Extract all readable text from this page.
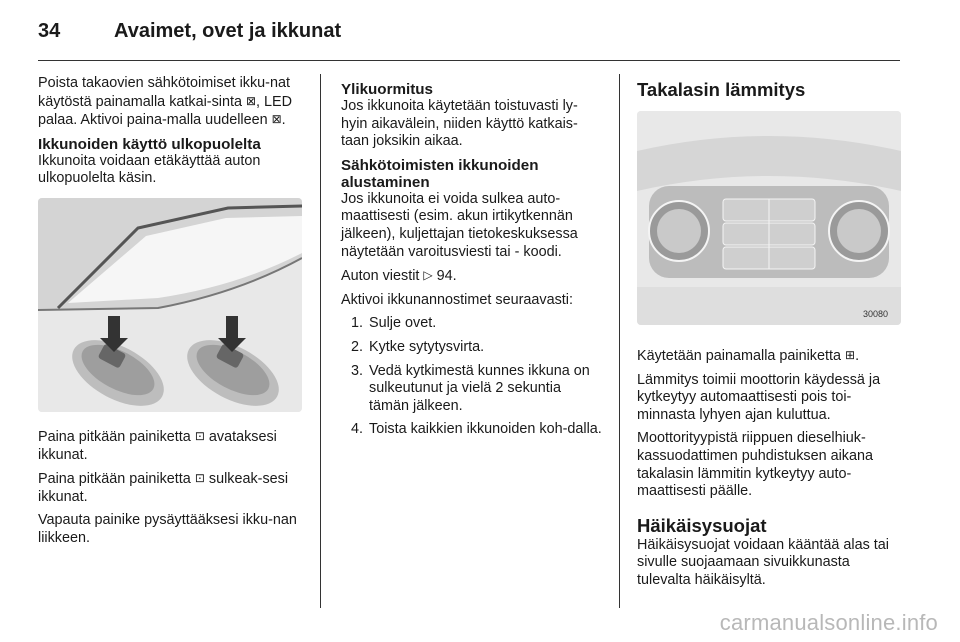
34	Avaimet, ovet ja ikkunat

Poista takaovien sähkötoimiset ikku-nat käytöstä painamalla katkai-sinta ⊠, LED palaa. Aktivoi paina-malla uudelleen ⊠.

Ikkunoiden käyttö ulkopuolelta

Ikkunoita voidaan etäkäyttää auton ulkopuolelta käsin.

Paina pitkään painiketta ⊡ avataksesi ikkunat.

Paina pitkään painiketta ⊡ sulkeak-sesi ikkunat.

Vapauta painike pysäyttääksesi ikku-nan liikkeen.

Ylikuormitus

Jos ikkunoita käytetään toistuvasti ly-hyin aikavälein, niiden käyttö katkais-taan joksikin aikaa.

Sähkötoimisten ikkunoiden alustaminen

Jos ikkunoita ei voida sulkea auto-maattisesti (esim. akun irtikytkennän jälkeen), kuljettajan tietokeskuksessa näytetään varoitusviesti tai - koodi.

Auton viestit ▷ 94.

Aktivoi ikkunannostimet seuraavasti:

1. Sulje ovet.
2. Kytke sytytysvirta.
3. Vedä kytkimestä kunnes ikkuna on sulkeutunut ja vielä 2 sekuntia tämän jälkeen.
4. Toista kaikkien ikkunoiden koh-dalla.
Takalasin lämmitys
30080

Käytetään painamalla painiketta ⊞.

Lämmitys toimii moottorin käydessä ja kytkeytyy automaattisesti pois toi-minnasta lyhyen ajan kuluttua.

Moottorityypistä riippuen dieselhiuk-kassuodattimen puhdistuksen aikana takalasin lämmitin kytkeytyy auto-maattisesti päälle.

Häikäisysuojat

Häikäisysuojat voidaan kääntää alas tai sivulle suojaamaan sivuikkunasta tulevalta häikäisyltä.

carmanualsonline.info
